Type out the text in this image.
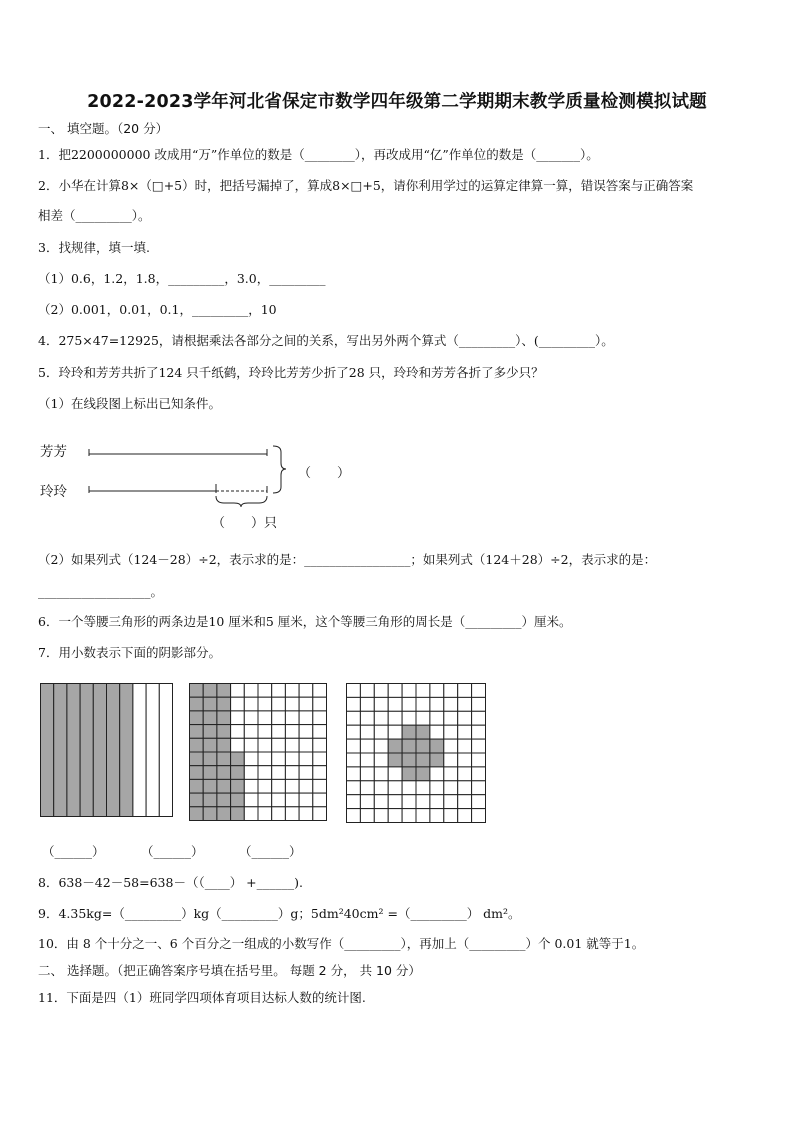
2022-2023学年河北省保定市数学四年级第二学期期末教学质量检测模拟试题
一、 填空题。（20 分）
1．把2200000000 改成用“万”作单位的数是（________），再改成用“亿”作单位的数是（_______）。
2．小华在计算8×（□+5）时，把括号漏掉了，算成8×□+5，请你利用学过的运算定律算一算，错误答案与正确答案
相差（_________）。
3．找规律，填一填.
（1）0.6，1.2，1.8，_________，3.0，_________
（2）0.001，0.01，0.1，_________，10
4．275×47=12925，请根据乘法各部分之间的关系，写出另外两个算式（_________）、(_________）。
5．玲玲和芳芳共折了124 只千纸鹤，玲玲比芳芳少折了28 只，玲玲和芳芳各折了多少只？
（1）在线段图上标出已知条件。
芳芳
玲玲
（　　）
（　　）只
（2）如果列式（124－28）÷2，表示求的是：_________________；如果列式（124＋28）÷2，表示求的是：
__________________。
6．一个等腰三角形的两条边是10 厘米和5 厘米，这个等腰三角形的周长是（_________）厘米。
7．用小数表示下面的阴影部分。
（______）	（______）	（______）
8．638－42－58=638－（（____） +______).
9．4.35kg=（_________）kg（_________）g；5dm²40cm² =（_________） dm²。
10．由 8 个十分之一、6 个百分之一组成的小数写作（_________），再加上（_________）个 0.01 就等于1。
二、 选择题。（把正确答案序号填在括号里。 每题 2 分， 共 10 分）
11．下面是四（1）班同学四项体育项目达标人数的统计图.
